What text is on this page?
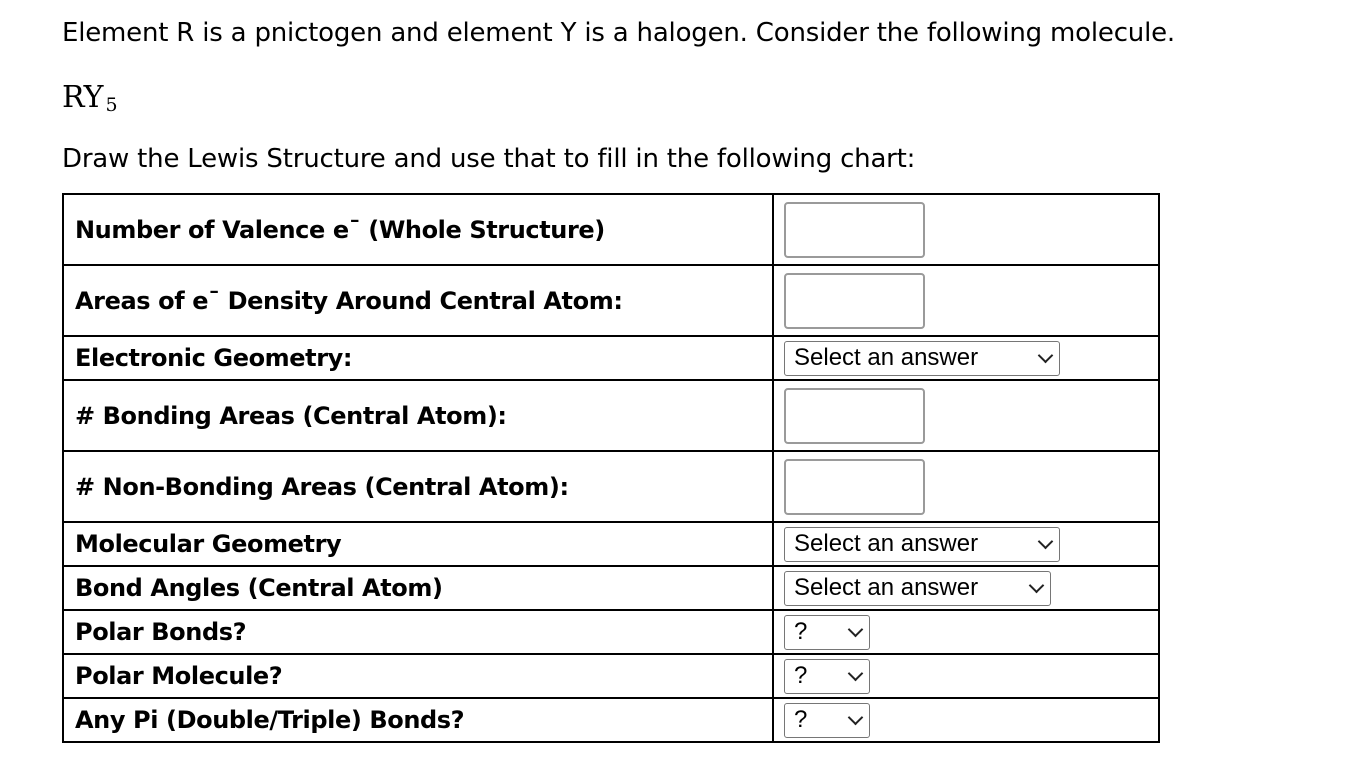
Element R is a pnictogen and element Y is a halogen. Consider the following molecule.
RY $_5$
Draw the Lewis Structure and use that to fill in the following chart:
Number of Valence e¯ (Whole Structure)	

Areas of e¯ Density Around Central Atom:	

Electronic Geometry:	Select an answer

# Bonding Areas (Central Atom):	

# Non-Bonding Areas (Central Atom):	

Molecular Geometry	Select an answer

Bond Angles (Central Atom)	Select an answer

Polar Bonds?	?

Polar Molecule?	?

Any Pi (Double/Triple) Bonds?	?
